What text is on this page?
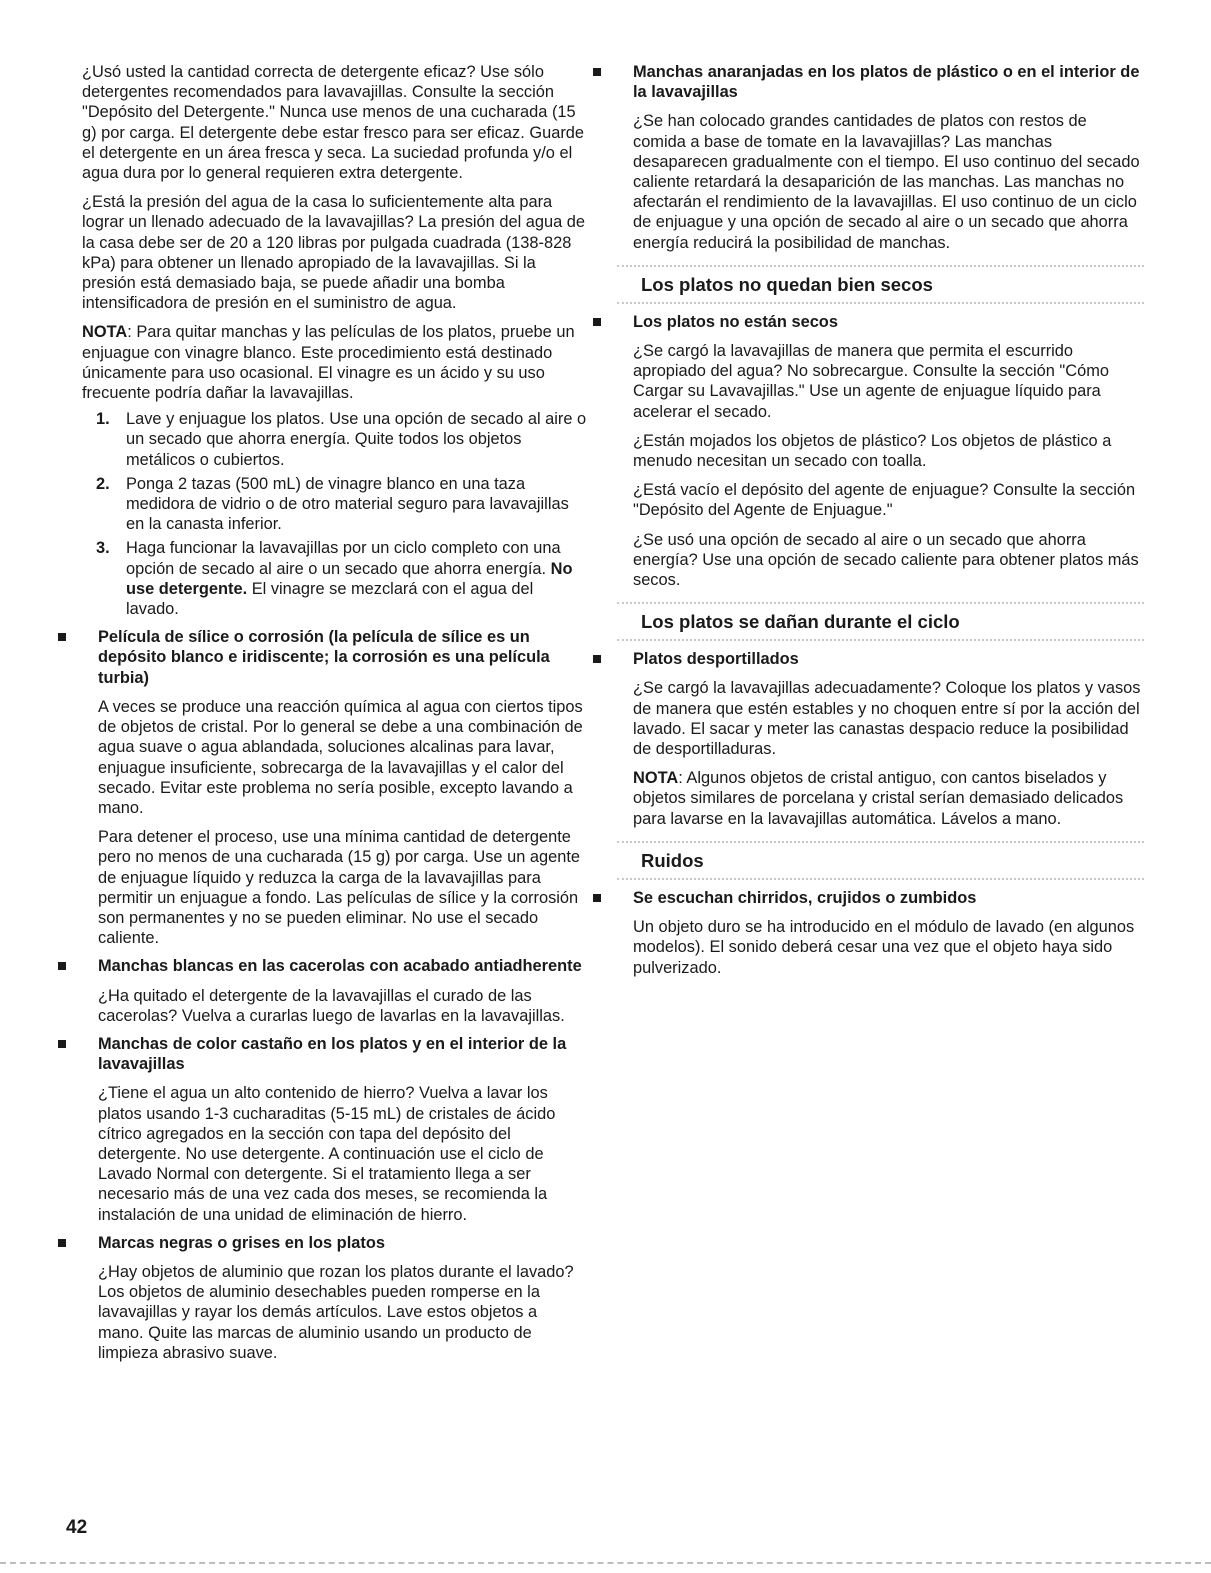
¿Usó usted la cantidad correcta de detergente eficaz? Use sólo detergentes recomendados para lavavajillas. Consulte la sección "Depósito del Detergente." Nunca use menos de una cucharada (15 g) por carga. El detergente debe estar fresco para ser eficaz. Guarde el detergente en un área fresca y seca. La suciedad profunda y/o el agua dura por lo general requieren extra detergente.

¿Está la presión del agua de la casa lo suficientemente alta para lograr un llenado adecuado de la lavavajillas? La presión del agua de la casa debe ser de 20 a 120 libras por pulgada cuadrada (138-828 kPa) para obtener un llenado apropiado de la lavavajillas. Si la presión está demasiado baja, se puede añadir una bomba intensificadora de presión en el suministro de agua.

NOTA: Para quitar manchas y las películas de los platos, pruebe un enjuague con vinagre blanco. Este procedimiento está destinado únicamente para uso ocasional. El vinagre es un ácido y su uso frecuente podría dañar la lavavajillas.

1. Lave y enjuague los platos. Use una opción de secado al aire o un secado que ahorra energía. Quite todos los objetos metálicos o cubiertos.
2. Ponga 2 tazas (500 mL) de vinagre blanco en una taza medidora de vidrio o de otro material seguro para lavavajillas en la canasta inferior.
3. Haga funcionar la lavavajillas por un ciclo completo con una opción de secado al aire o un secado que ahorra energía. No use detergente. El vinagre se mezclará con el agua del lavado.
Película de sílice o corrosión (la película de sílice es un depósito blanco e iridiscente; la corrosión es una película turbia)

A veces se produce una reacción química al agua con ciertos tipos de objetos de cristal. Por lo general se debe a una combinación de agua suave o agua ablandada, soluciones alcalinas para lavar, enjuague insuficiente, sobrecarga de la lavavajillas y el calor del secado. Evitar este problema no sería posible, excepto lavando a mano.

Para detener el proceso, use una mínima cantidad de detergente pero no menos de una cucharada (15 g) por carga. Use un agente de enjuague líquido y reduzca la carga de la lavavajillas para permitir un enjuague a fondo. Las películas de sílice y la corrosión son permanentes y no se pueden eliminar. No use el secado caliente.

Manchas blancas en las cacerolas con acabado antiadherente

¿Ha quitado el detergente de la lavavajillas el curado de las cacerolas? Vuelva a curarlas luego de lavarlas en la lavavajillas.

Manchas de color castaño en los platos y en el interior de la lavavajillas

¿Tiene el agua un alto contenido de hierro? Vuelva a lavar los platos usando 1-3 cucharaditas (5-15 mL) de cristales de ácido cítrico agregados en la sección con tapa del depósito del detergente. No use detergente. A continuación use el ciclo de Lavado Normal con detergente. Si el tratamiento llega a ser necesario más de una vez cada dos meses, se recomienda la instalación de una unidad de eliminación de hierro.

Marcas negras o grises en los platos

¿Hay objetos de aluminio que rozan los platos durante el lavado? Los objetos de aluminio desechables pueden romperse en la lavavajillas y rayar los demás artículos. Lave estos objetos a mano. Quite las marcas de aluminio usando un producto de limpieza abrasivo suave.

Manchas anaranjadas en los platos de plástico o en el interior de la lavavajillas

¿Se han colocado grandes cantidades de platos con restos de comida a base de tomate en la lavavajillas? Las manchas desaparecen gradualmente con el tiempo. El uso continuo del secado caliente retardará la desaparición de las manchas. Las manchas no afectarán el rendimiento de la lavavajillas. El uso continuo de un ciclo de enjuague y una opción de secado al aire o un secado que ahorra energía reducirá la posibilidad de manchas.

Los platos no quedan bien secos
Los platos no están secos

¿Se cargó la lavavajillas de manera que permita el escurrido apropiado del agua? No sobrecargue. Consulte la sección "Cómo Cargar su Lavavajillas." Use un agente de enjuague líquido para acelerar el secado.

¿Están mojados los objetos de plástico? Los objetos de plástico a menudo necesitan un secado con toalla.

¿Está vacío el depósito del agente de enjuague? Consulte la sección "Depósito del Agente de Enjuague."

¿Se usó una opción de secado al aire o un secado que ahorra energía? Use una opción de secado caliente para obtener platos más secos.

Los platos se dañan durante el ciclo
Platos desportillados

¿Se cargó la lavavajillas adecuadamente? Coloque los platos y vasos de manera que estén estables y no choquen entre sí por la acción del lavado. El sacar y meter las canastas despacio reduce la posibilidad de desportilladuras.

NOTA: Algunos objetos de cristal antiguo, con cantos biselados y objetos similares de porcelana y cristal serían demasiado delicados para lavarse en la lavavajillas automática. Lávelos a mano.

Ruidos
Se escuchan chirridos, crujidos o zumbidos

Un objeto duro se ha introducido en el módulo de lavado (en algunos modelos). El sonido deberá cesar una vez que el objeto haya sido pulverizado.

42
